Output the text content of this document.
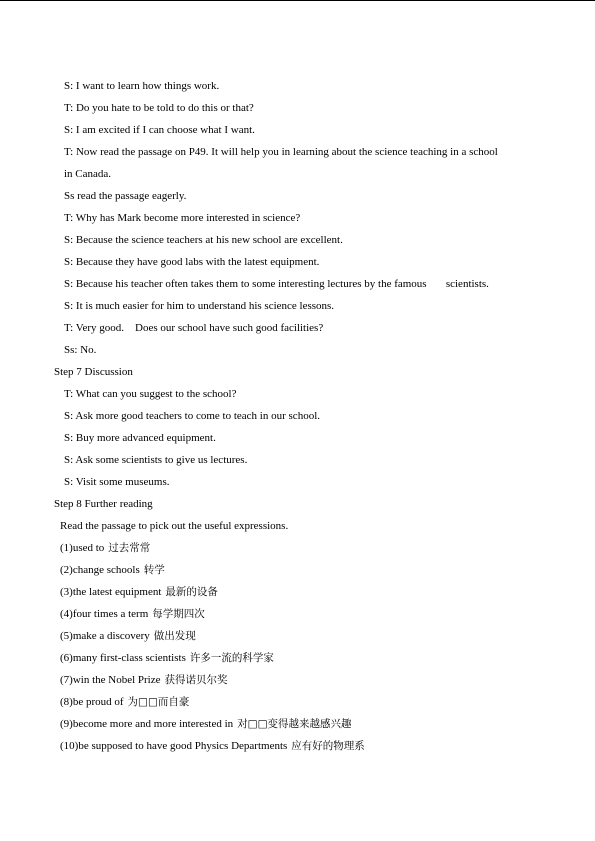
S: I want to learn how things work.
T: Do you hate to be told to do this or that?
S: I am excited if I can choose what I want.
T: Now read the passage on P49. It will help you in learning about the science teaching in a school
in Canada.
Ss read the passage eagerly.
T: Why has Mark become more interested in science?
S: Because the science teachers at his new school are excellent.
S: Because they have good labs with the latest equipment.
S: Because his teacher often takes them to some interesting lectures by the famous       scientists.
S: It is much easier for him to understand his science lessons.
T: Very good.    Does our school have such good facilities?
Ss: No.
Step 7 Discussion
T: What can you suggest to the school?
S: Ask more good teachers to come to teach in our school.
S: Buy more advanced equipment.
S: Ask some scientists to give us lectures.
S: Visit some museums.
Step 8 Further reading
Read the passage to pick out the useful expressions.
(1)used to 过去常常
(2)change schools 转学
(3)the latest equipment 最新的设备
(4)four times a term 每学期四次
(5)make a discovery 做出发现
(6)many first-class scientists 许多一流的科学家
(7)win the Nobel Prize 获得诺贝尔奖
(8)be proud of 为□□而自豪
(9)become more and more interested in 对□□变得越来越感兴趣
(10)be supposed to have good Physics Departments 应有好的物理系
